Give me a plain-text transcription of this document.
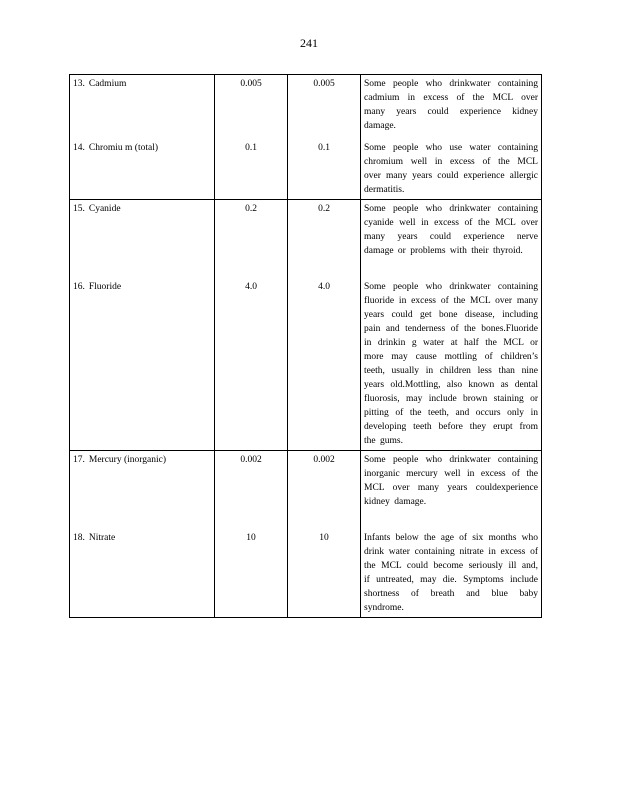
241
13. Cadmium	0.005	0.005	Some people who drinkwater containing cadmium in excess of the MCL over many years could experience kidney damage.
14. Chromiu m (total)	0.1	0.1	Some people who use water containing chromium well in excess of the MCL over many years could experience allergic dermatitis.
15. Cyanide	0.2	0.2	Some people who drinkwater containing cyanide well in excess of the MCL over many years could experience nerve damage or problems with their thyroid.
16. Fluoride	4.0	4.0	Some people who drinkwater containing fluoride in excess of the MCL over many years could get bone disease, including pain and tenderness of the bones.Fluoride in drinkin g water at half the MCL or more may cause mottling of children’s teeth, usually in children less than nine years old.Mottling, also known as dental fluorosis, may include brown staining or pitting of the teeth, and occurs only in developing teeth before they erupt from the gums.
17. Mercury (inorganic)	0.002	0.002	Some people who drinkwater containing inorganic mercury well in excess of the MCL over many years couldexperience kidney damage.
18. Nitrate	10	10	Infants below the age of six months who drink water containing nitrate in excess of the MCL could become seriously ill and, if untreated, may die. Symptoms include shortness of breath and blue baby syndrome.
